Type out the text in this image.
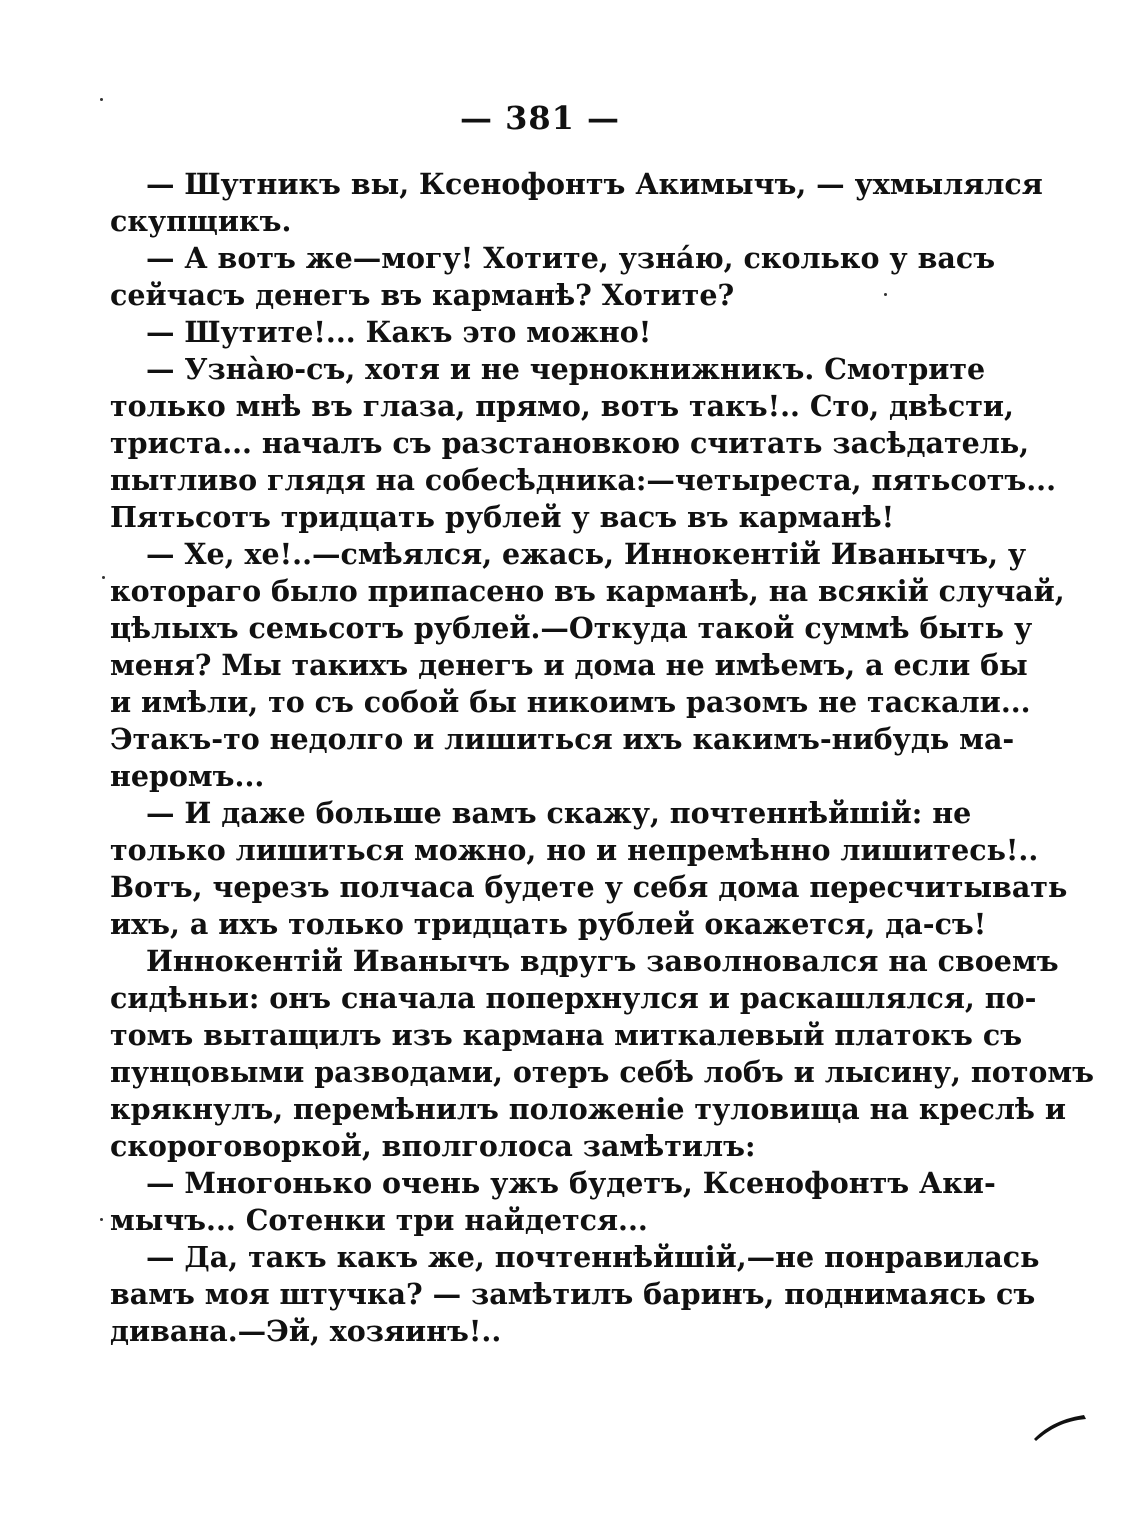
— 381 —
— Шутникъ вы, Ксенофонтъ Акимычъ, — ухмылялся
скупщикъ.
— А вотъ же—могу! Хотите, узнáю, сколько у васъ
сейчасъ денегъ въ карманѣ? Хотите?
— Шутите!... Какъ это можно!
— Узнàю-съ, хотя и не чернокнижникъ. Смотрите
только мнѣ въ глаза, прямо, вотъ такъ!.. Сто, двѣсти,
триста... началъ съ разстановкою считать засѣдатель,
пытливо глядя на собесѣдника:—четыреста, пятьсотъ...
Пятьсотъ тридцать рублей у васъ въ карманѣ!
— Хе, хе!..—смѣялся, ежась, Иннокентій Иванычъ, у
котораго было припасено въ карманѣ, на всякій случай,
цѣлыхъ семьсотъ рублей.—Откуда такой суммѣ быть у
меня? Мы такихъ денегъ и дома не имѣемъ, а если бы
и имѣли, то съ собой бы никоимъ разомъ не таскали...
Этакъ-то недолго и лишиться ихъ какимъ-нибудь ма-
неромъ...
— И даже больше вамъ скажу, почтеннѣйшій: не
только лишиться можно, но и непремѣнно лишитесь!..
Вотъ, черезъ полчаса будете у себя дома пересчитывать
ихъ, а ихъ только тридцать рублей окажется, да-съ!
Иннокентій Иванычъ вдругъ заволновался на своемъ
сидѣньи: онъ сначала поперхнулся и раскашлялся, по-
томъ вытащилъ изъ кармана миткалевый платокъ съ
пунцовыми разводами, отеръ себѣ лобъ и лысину, потомъ
крякнулъ, перемѣнилъ положеніе туловища на креслѣ и
скороговоркой, вполголоса замѣтилъ:
— Многонько очень ужъ будетъ, Ксенофонтъ Аки-
мычъ... Сотенки три найдется...
— Да, такъ какъ же, почтеннѣйшій,—не понравилась
вамъ моя штучка? — замѣтилъ баринъ, поднимаясь съ
дивана.—Эй, хозяинъ!..
